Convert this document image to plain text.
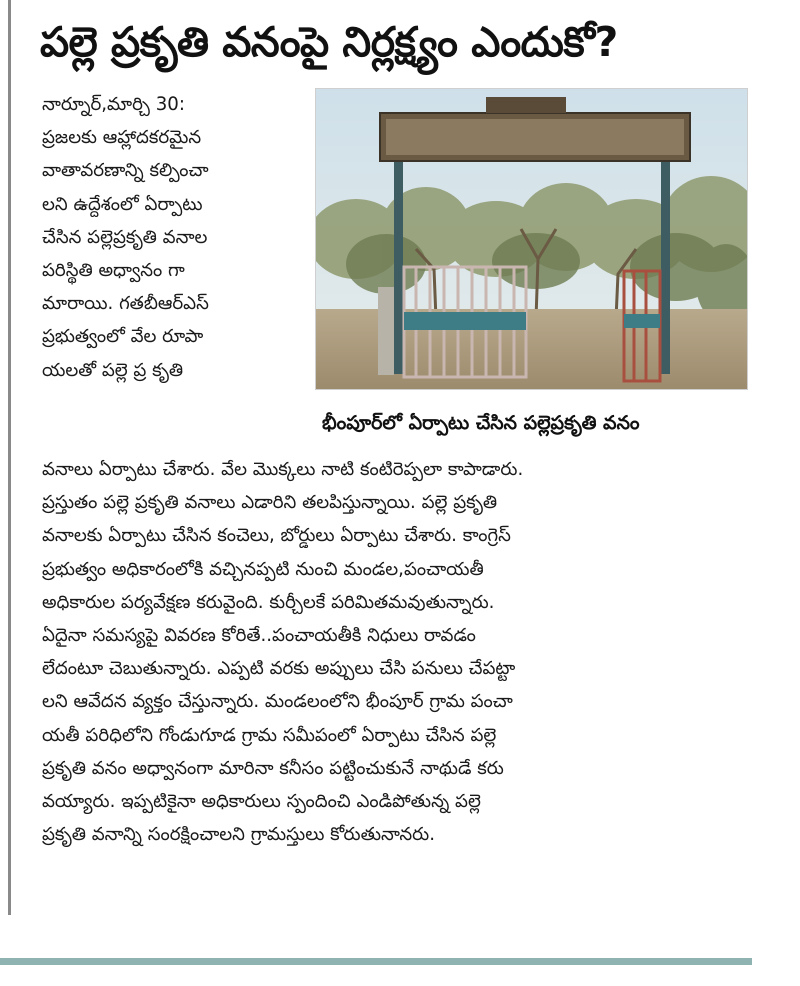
పల్లె ప్రకృతి వనంపై నిర్లక్ష్యం ఎందుకో?
నార్నూర్,మార్చి 30:
ప్రజలకు ఆహ్లాదకరమైన
వాతావరణాన్ని కల్పించా
లని ఉద్దేశంలో ఏర్పాటు
చేసిన పల్లెప్రకృతి వనాల
పరిస్థితి అధ్వానం గా
మారాయి. గతబీఆర్ఎస్
ప్రభుత్వంలో వేల రూపా
యలతో పల్లె ప్ర కృతి
భీంపూర్‌లో ఏర్పాటు చేసిన పల్లెప్రకృతి వనం
వనాలు ఏర్పాటు చేశారు. వేల మొక్కలు నాటి కంటిరెప్పలా కాపాడారు.
ప్రస్తుతం పల్లె ప్రకృతి వనాలు ఎడారిని తలపిస్తున్నాయి. పల్లె ప్రకృతి
వనాలకు ఏర్పాటు చేసిన కంచెలు, బోర్డులు ఏర్పాటు చేశారు. కాంగ్రెస్
ప్రభుత్వం అధికారంలోకి వచ్చినప్పటి నుంచి మండల,పంచాయతీ
అధికారుల పర్యవేక్షణ కరువైంది. కుర్చీలకే పరిమితమవుతున్నారు.
ఏదైనా సమస్యపై వివరణ కోరితే..పంచాయతీకి నిధులు రావడం
లేదంటూ చెబుతున్నారు. ఎప్పటి వరకు అప్పులు చేసి పనులు చేపట్టా
లని ఆవేదన వ్యక్తం చేస్తున్నారు. మండలంలోని భీంపూర్ గ్రామ పంచా
యతీ పరిధిలోని గోండుగూడ గ్రామ సమీపంలో ఏర్పాటు చేసిన పల్లె
ప్రకృతి వనం అధ్వానంగా మారినా కనీసం పట్టించుకునే నాథుడే కరు
వయ్యారు. ఇప్పటికైనా అధికారులు స్పందించి ఎండిపోతున్న పల్లె
ప్రకృతి వనాన్ని సంరక్షించాలని గ్రామస్తులు కోరుతునానరు.
